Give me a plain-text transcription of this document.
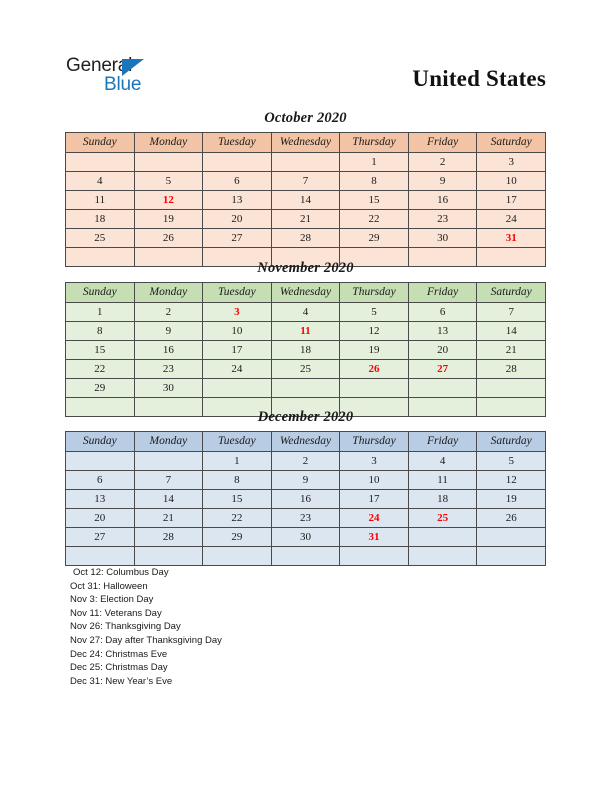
General
Blue	United States
October 2020
Sunday	Monday	Tuesday	Wednesday	Thursday	Friday	Saturday
				1	2	3
4	5	6	7	8	9	10
11	12	13	14	15	16	17
18	19	20	21	22	23	24
25	26	27	28	29	30	31

November 2020
Sunday	Monday	Tuesday	Wednesday	Thursday	Friday	Saturday
1	2	3	4	5	6	7
8	9	10	11	12	13	14
15	16	17	18	19	20	21
22	23	24	25	26	27	28
29	30					

December 2020
Sunday	Monday	Tuesday	Wednesday	Thursday	Friday	Saturday
		1	2	3	4	5
6	7	8	9	10	11	12
13	14	15	16	17	18	19
20	21	22	23	24	25	26
27	28	29	30	31		

Oct 12: Columbus Day
Oct 31: Halloween
Nov 3: Election Day
Nov 11: Veterans Day
Nov 26: Thanksgiving Day
Nov 27: Day after Thanksgiving Day
Dec 24: Christmas Eve
Dec 25: Christmas Day
Dec 31: New Year’s Eve
